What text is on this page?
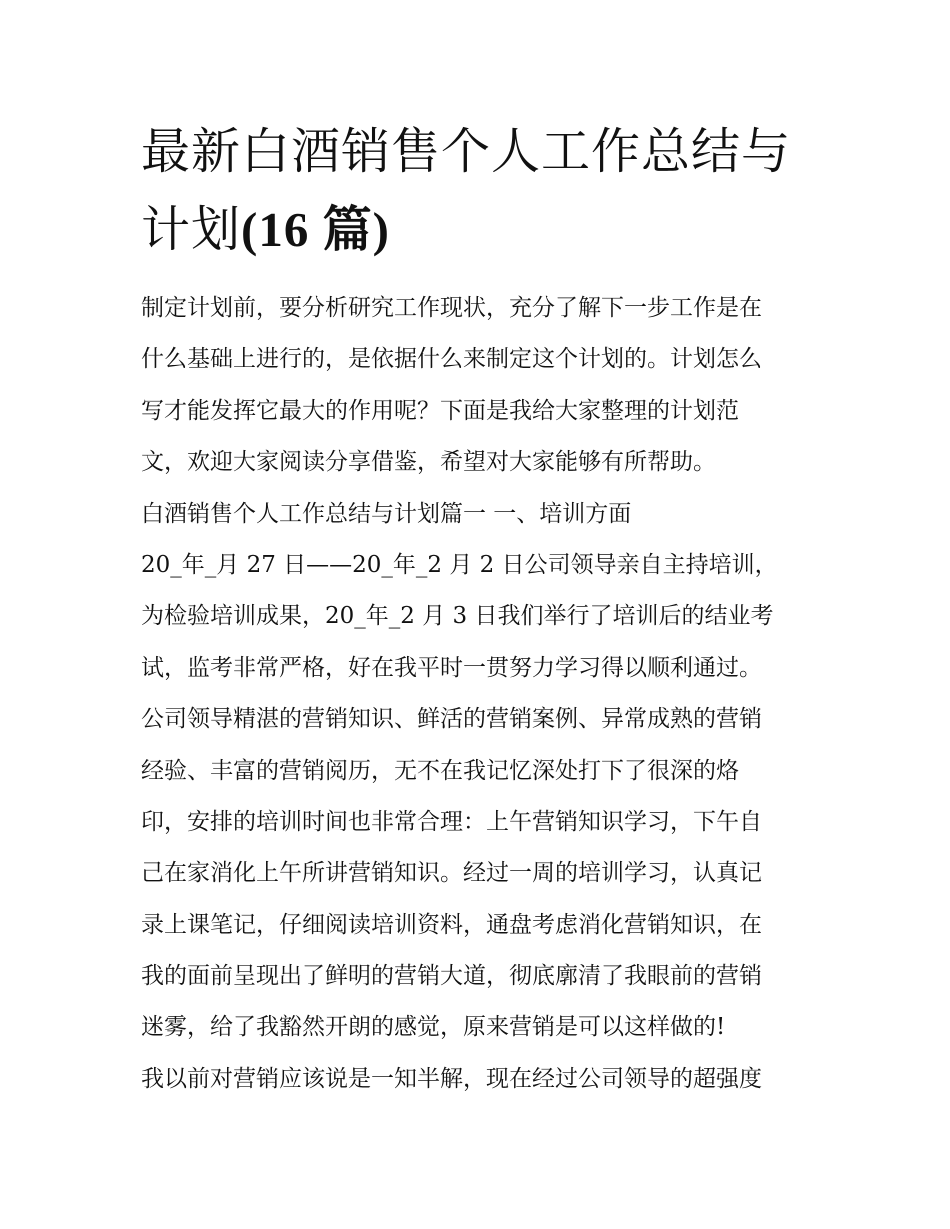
最新白酒销售个人工作总结与
计划(16 篇)
制定计划前，要分析研究工作现状，充分了解下一步工作是在
什么基础上进行的，是依据什么来制定这个计划的。计划怎么
写才能发挥它最大的作用呢？下面是我给大家整理的计划范
文，欢迎大家阅读分享借鉴，希望对大家能够有所帮助。
白酒销售个人工作总结与计划篇一 一、培训方面
20_年_月 27 日——20_年_2 月 2 日公司领导亲自主持培训，
为检验培训成果，20_年_2 月 3 日我们举行了培训后的结业考
试，监考非常严格，好在我平时一贯努力学习得以顺利通过。
公司领导精湛的营销知识、鲜活的营销案例、异常成熟的营销
经验、丰富的营销阅历，无不在我记忆深处打下了很深的烙
印，安排的培训时间也非常合理：上午营销知识学习，下午自
己在家消化上午所讲营销知识。经过一周的培训学习，认真记
录上课笔记，仔细阅读培训资料，通盘考虑消化营销知识，在
我的面前呈现出了鲜明的营销大道，彻底廓清了我眼前的营销
迷雾，给了我豁然开朗的感觉，原来营销是可以这样做的!
我以前对营销应该说是一知半解，现在经过公司领导的超强度
